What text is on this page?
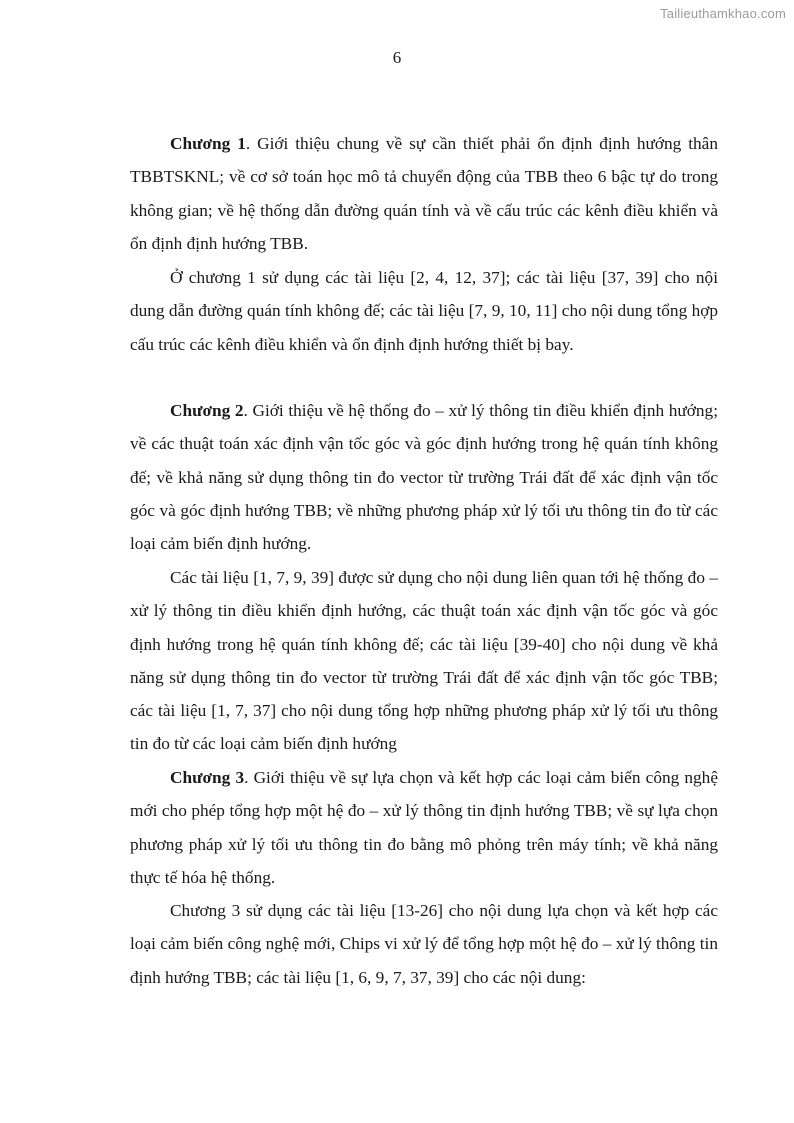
Tailieuthamkhao.com
6

Chương 1. Giới thiệu chung về sự cần thiết phải ổn định định hướng thân TBBTSKNL; về cơ sở toán học mô tả chuyển động của TBB theo 6 bậc tự do trong không gian; về hệ thống dẫn đường quán tính và về cấu trúc các kênh điều khiển và ổn định định hướng TBB.

Ở chương 1 sử dụng các tài liệu [2, 4, 12, 37]; các tài liệu [37, 39] cho nội dung dẫn đường quán tính không đế; các tài liệu [7, 9, 10, 11] cho nội dung tổng hợp cấu trúc các kênh điều khiển và ổn định định hướng thiết bị bay.

Chương 2. Giới thiệu về hệ thống đo – xử lý thông tin điều khiển định hướng; về các thuật toán xác định vận tốc góc và góc định hướng trong hệ quán tính không đế; về khả năng sử dụng thông tin đo vector từ trường Trái đất để xác định vận tốc góc và góc định hướng TBB; về những phương pháp xử lý tối ưu thông tin đo từ các loại cảm biến định hướng.

Các tài liệu [1, 7, 9, 39] được sử dụng cho nội dung liên quan tới hệ thống đo – xử lý thông tin điều khiển định hướng, các thuật toán xác định vận tốc góc và góc định hướng trong hệ quán tính không đế; các tài liệu [39-40] cho nội dung về khả năng sử dụng thông tin đo vector từ trường Trái đất để xác định vận tốc góc TBB; các tài liệu [1, 7, 37] cho nội dung tổng hợp những phương pháp xử lý tối ưu thông tin đo từ các loại cảm biến định hướng

Chương 3. Giới thiệu về sự lựa chọn và kết hợp các loại cảm biến công nghệ mới cho phép tổng hợp một hệ đo – xử lý thông tin định hướng TBB; về sự lựa chọn phương pháp xử lý tối ưu thông tin đo bằng mô phỏng trên máy tính; về khả năng thực tế hóa hệ thống.

Chương 3 sử dụng các tài liệu [13-26] cho nội dung lựa chọn và kết hợp các loại cảm biến công nghệ mới, Chips vi xử lý để tổng hợp một hệ đo – xử lý thông tin định hướng TBB; các tài liệu [1, 6, 9, 7, 37, 39] cho các nội dung:
